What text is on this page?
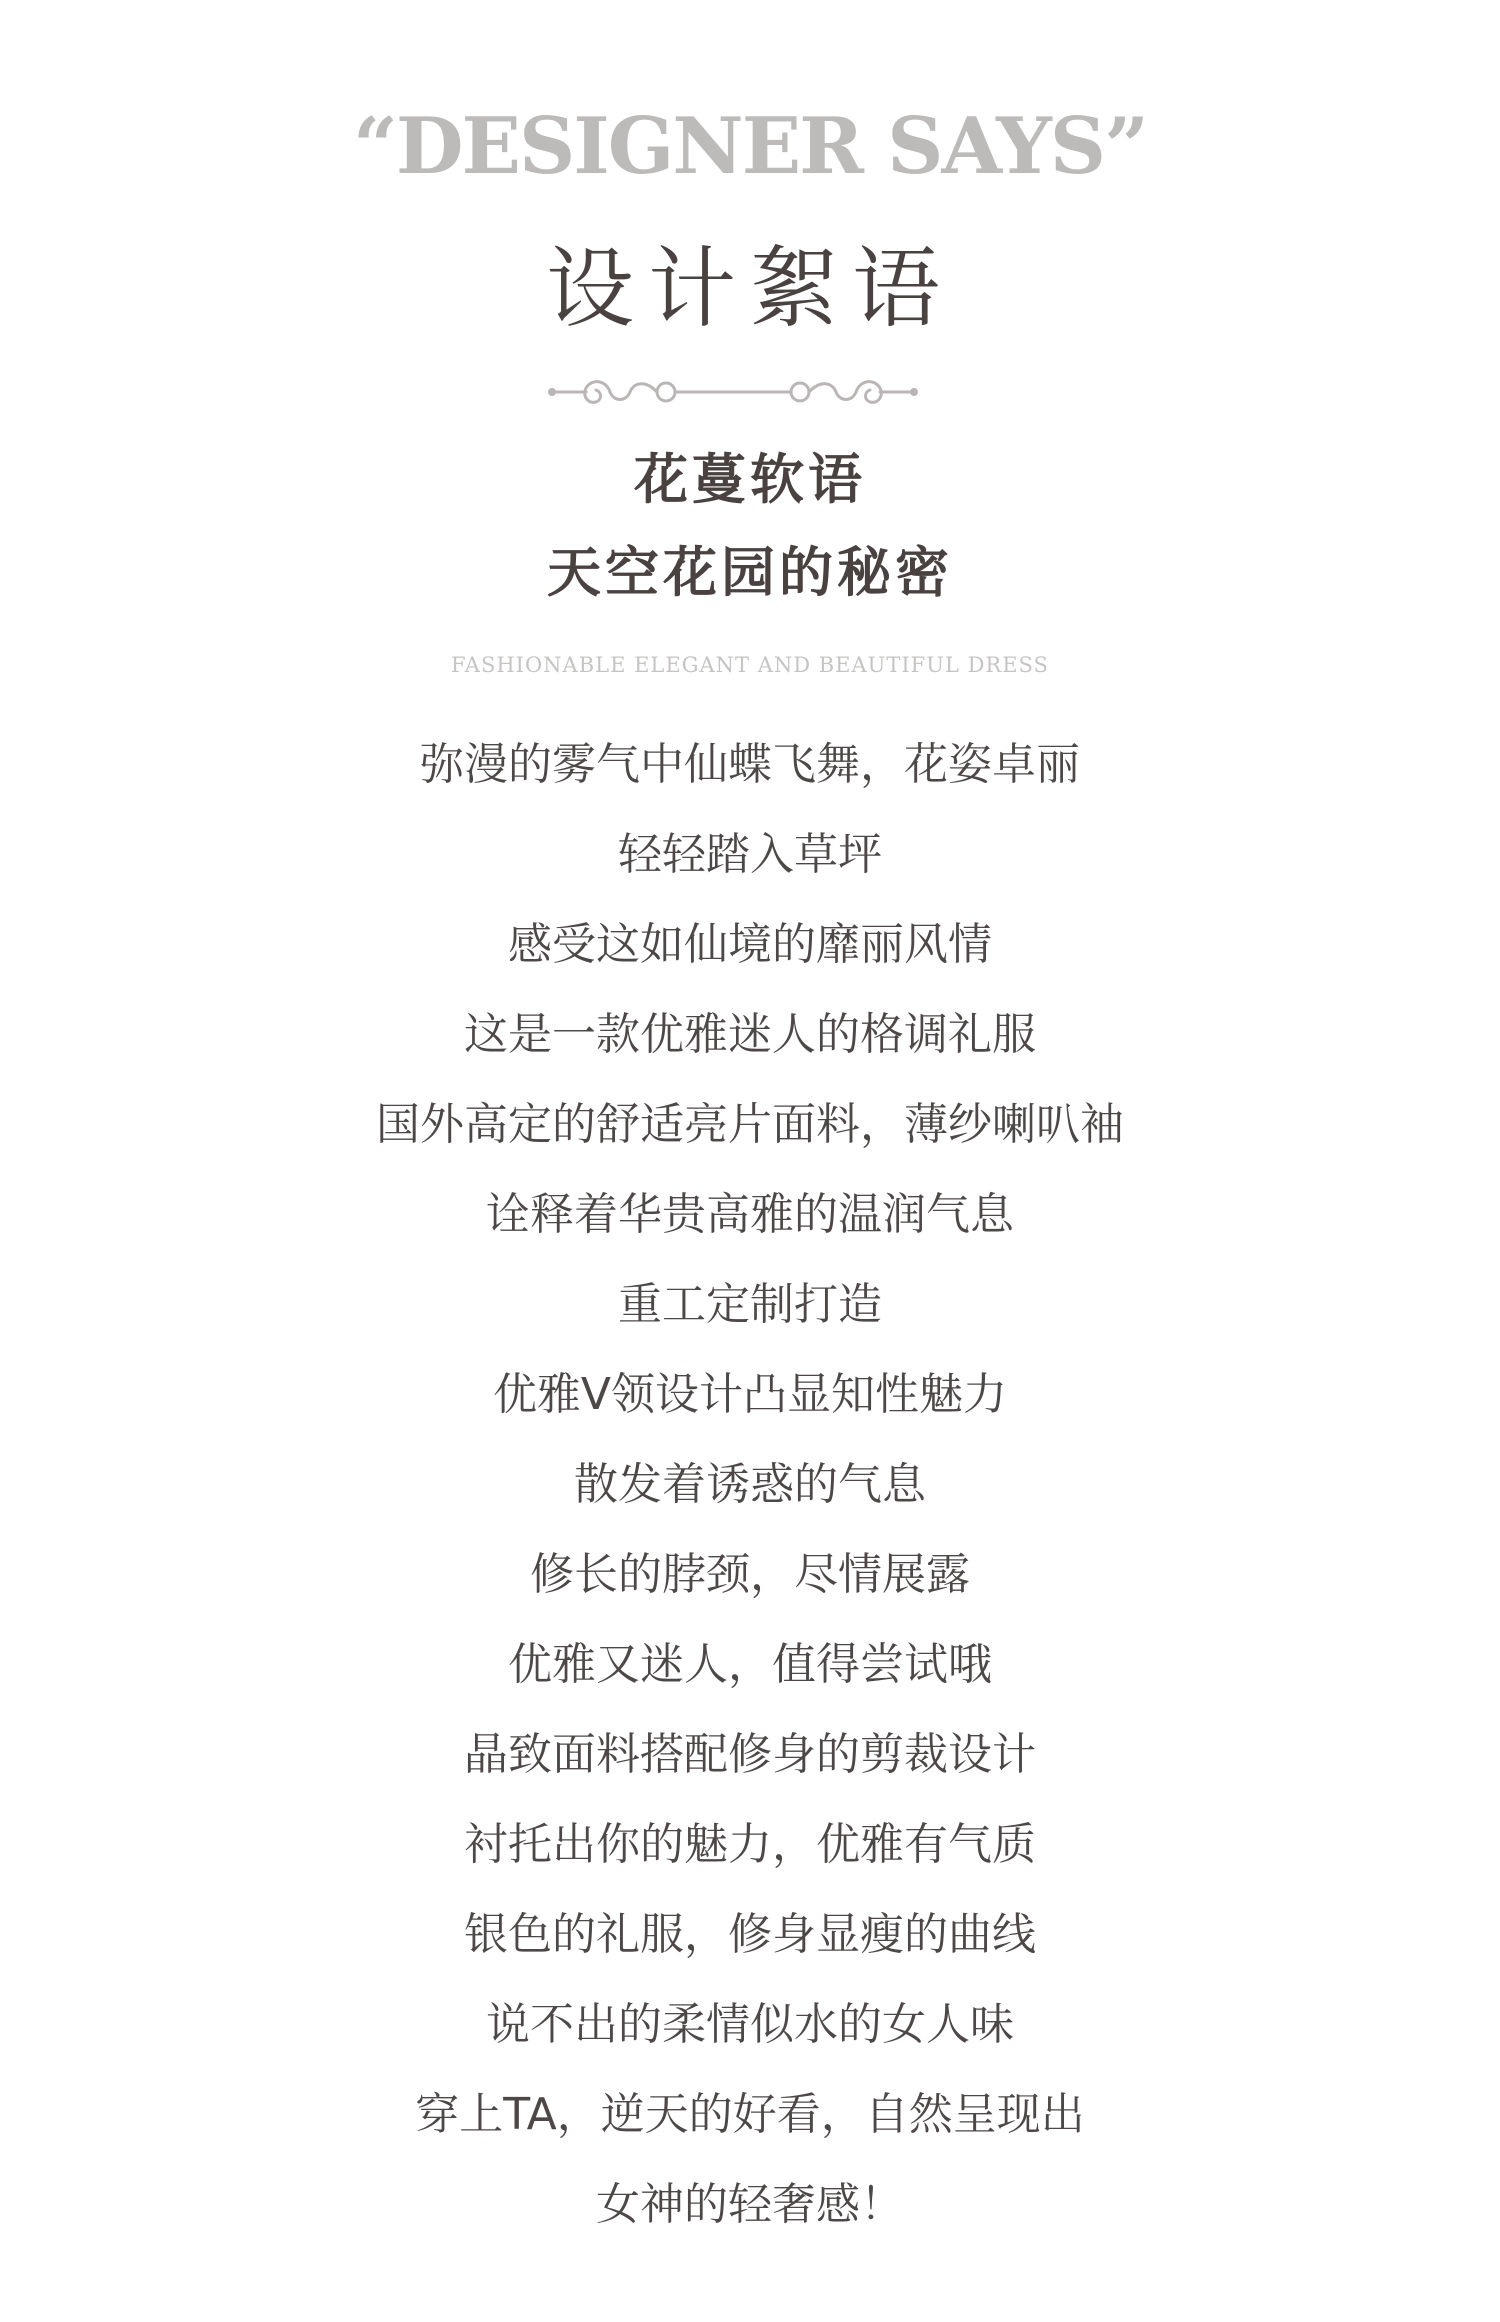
“DESIGNER SAYS”
设计絮语
花蔓软语
天空花园的秘密
FASHIONABLE ELEGANT AND BEAUTIFUL DRESS
弥漫的雾气中仙蝶飞舞，花姿卓丽
轻轻踏入草坪
感受这如仙境的靡丽风情
这是一款优雅迷人的格调礼服
国外高定的舒适亮片面料，薄纱喇叭袖
诠释着华贵高雅的温润气息
重工定制打造
优雅V领设计凸显知性魅力
散发着诱惑的气息
修长的脖颈，尽情展露
优雅又迷人，值得尝试哦
晶致面料搭配修身的剪裁设计
衬托出你的魅力，优雅有气质
银色的礼服，修身显瘦的曲线
说不出的柔情似水的女人味
穿上TA，逆天的好看，自然呈现出
女神的轻奢感！
